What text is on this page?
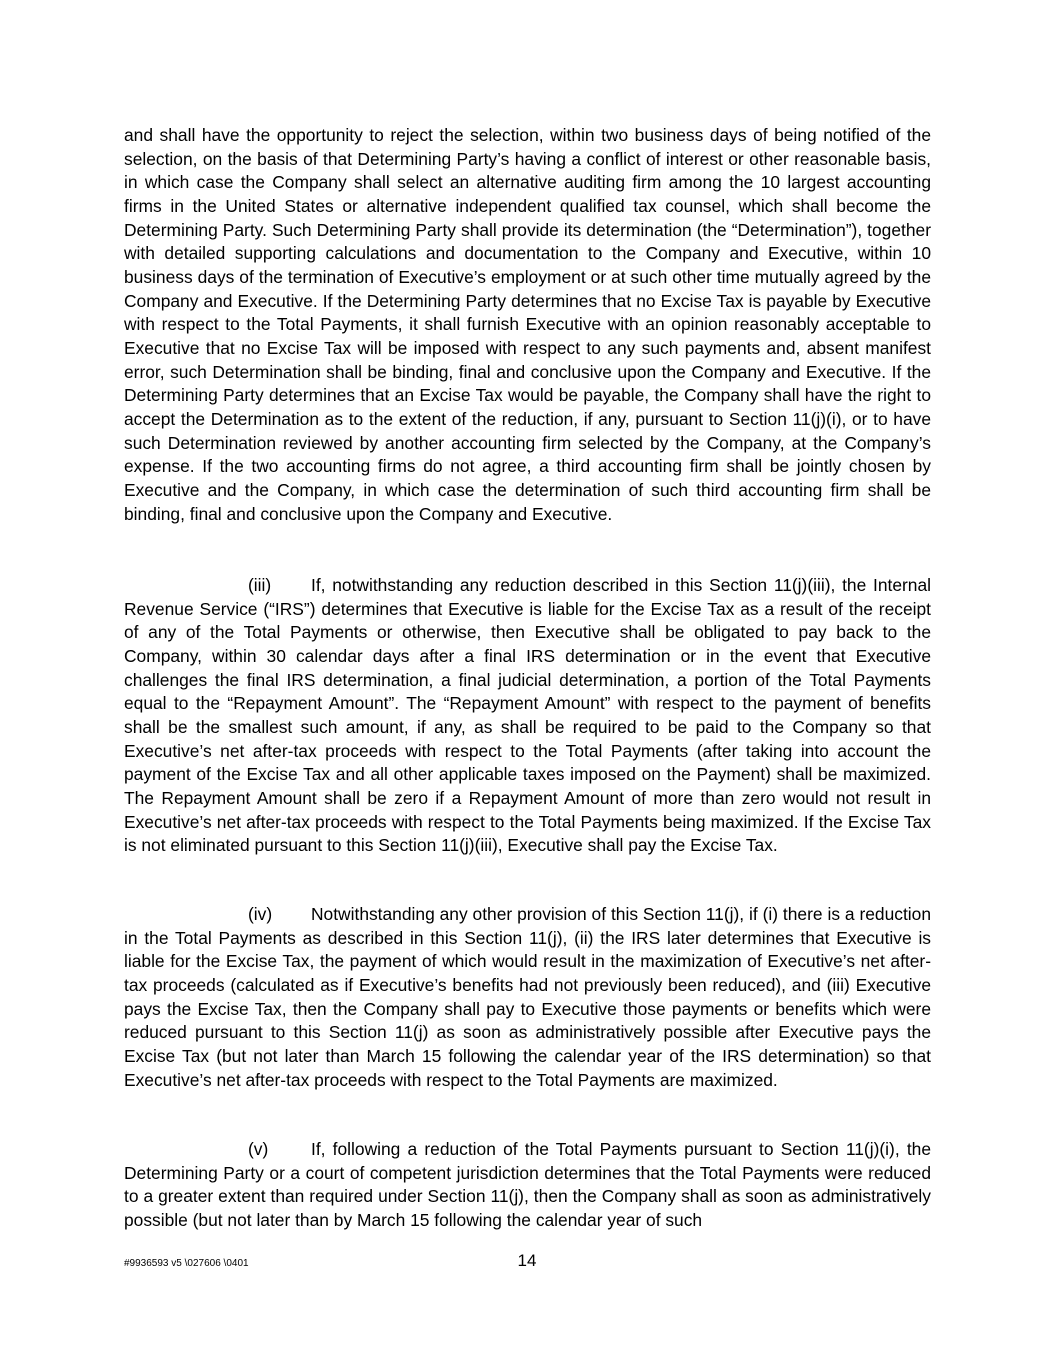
and shall have the opportunity to reject the selection, within two business days of being notified of the selection, on the basis of that Determining Party’s having a conflict of interest or other reasonable basis, in which case the Company shall select an alternative auditing firm among the 10 largest accounting firms in the United States or alternative independent qualified tax counsel, which shall become the Determining Party. Such Determining Party shall provide its determination (the “Determination”), together with detailed supporting calculations and documentation to the Company and Executive, within 10 business days of the termination of Executive’s employment or at such other time mutually agreed by the Company and Executive. If the Determining Party determines that no Excise Tax is payable by Executive with respect to the Total Payments, it shall furnish Executive with an opinion reasonably acceptable to Executive that no Excise Tax will be imposed with respect to any such payments and, absent manifest error, such Determination shall be binding, final and conclusive upon the Company and Executive. If the Determining Party determines that an Excise Tax would be payable, the Company shall have the right to accept the Determination as to the extent of the reduction, if any, pursuant to Section 11(j)(i), or to have such Determination reviewed by another accounting firm selected by the Company, at the Company’s expense. If the two accounting firms do not agree, a third accounting firm shall be jointly chosen by Executive and the Company, in which case the determination of such third accounting firm shall be binding, final and conclusive upon the Company and Executive.

(iii) If, notwithstanding any reduction described in this Section 11(j)(iii), the Internal Revenue Service (“IRS”) determines that Executive is liable for the Excise Tax as a result of the receipt of any of the Total Payments or otherwise, then Executive shall be obligated to pay back to the Company, within 30 calendar days after a final IRS determination or in the event that Executive challenges the final IRS determination, a final judicial determination, a portion of the Total Payments equal to the “Repayment Amount”. The “Repayment Amount” with respect to the payment of benefits shall be the smallest such amount, if any, as shall be required to be paid to the Company so that Executive’s net after-tax proceeds with respect to the Total Payments (after taking into account the payment of the Excise Tax and all other applicable taxes imposed on the Payment) shall be maximized. The Repayment Amount shall be zero if a Repayment Amount of more than zero would not result in Executive’s net after-tax proceeds with respect to the Total Payments being maximized. If the Excise Tax is not eliminated pursuant to this Section 11(j)(iii), Executive shall pay the Excise Tax.

(iv) Notwithstanding any other provision of this Section 11(j), if (i) there is a reduction in the Total Payments as described in this Section 11(j), (ii) the IRS later determines that Executive is liable for the Excise Tax, the payment of which would result in the maximization of Executive’s net after-tax proceeds (calculated as if Executive’s benefits had not previously been reduced), and (iii) Executive pays the Excise Tax, then the Company shall pay to Executive those payments or benefits which were reduced pursuant to this Section 11(j) as soon as administratively possible after Executive pays the Excise Tax (but not later than March 15 following the calendar year of the IRS determination) so that Executive’s net after-tax proceeds with respect to the Total Payments are maximized.

(v) If, following a reduction of the Total Payments pursuant to Section 11(j)(i), the Determining Party or a court of competent jurisdiction determines that the Total Payments were reduced to a greater extent than required under Section 11(j), then the Company shall as soon as administratively possible (but not later than by March 15 following the calendar year of such

#9936593 v5 \027606 \0401	14
